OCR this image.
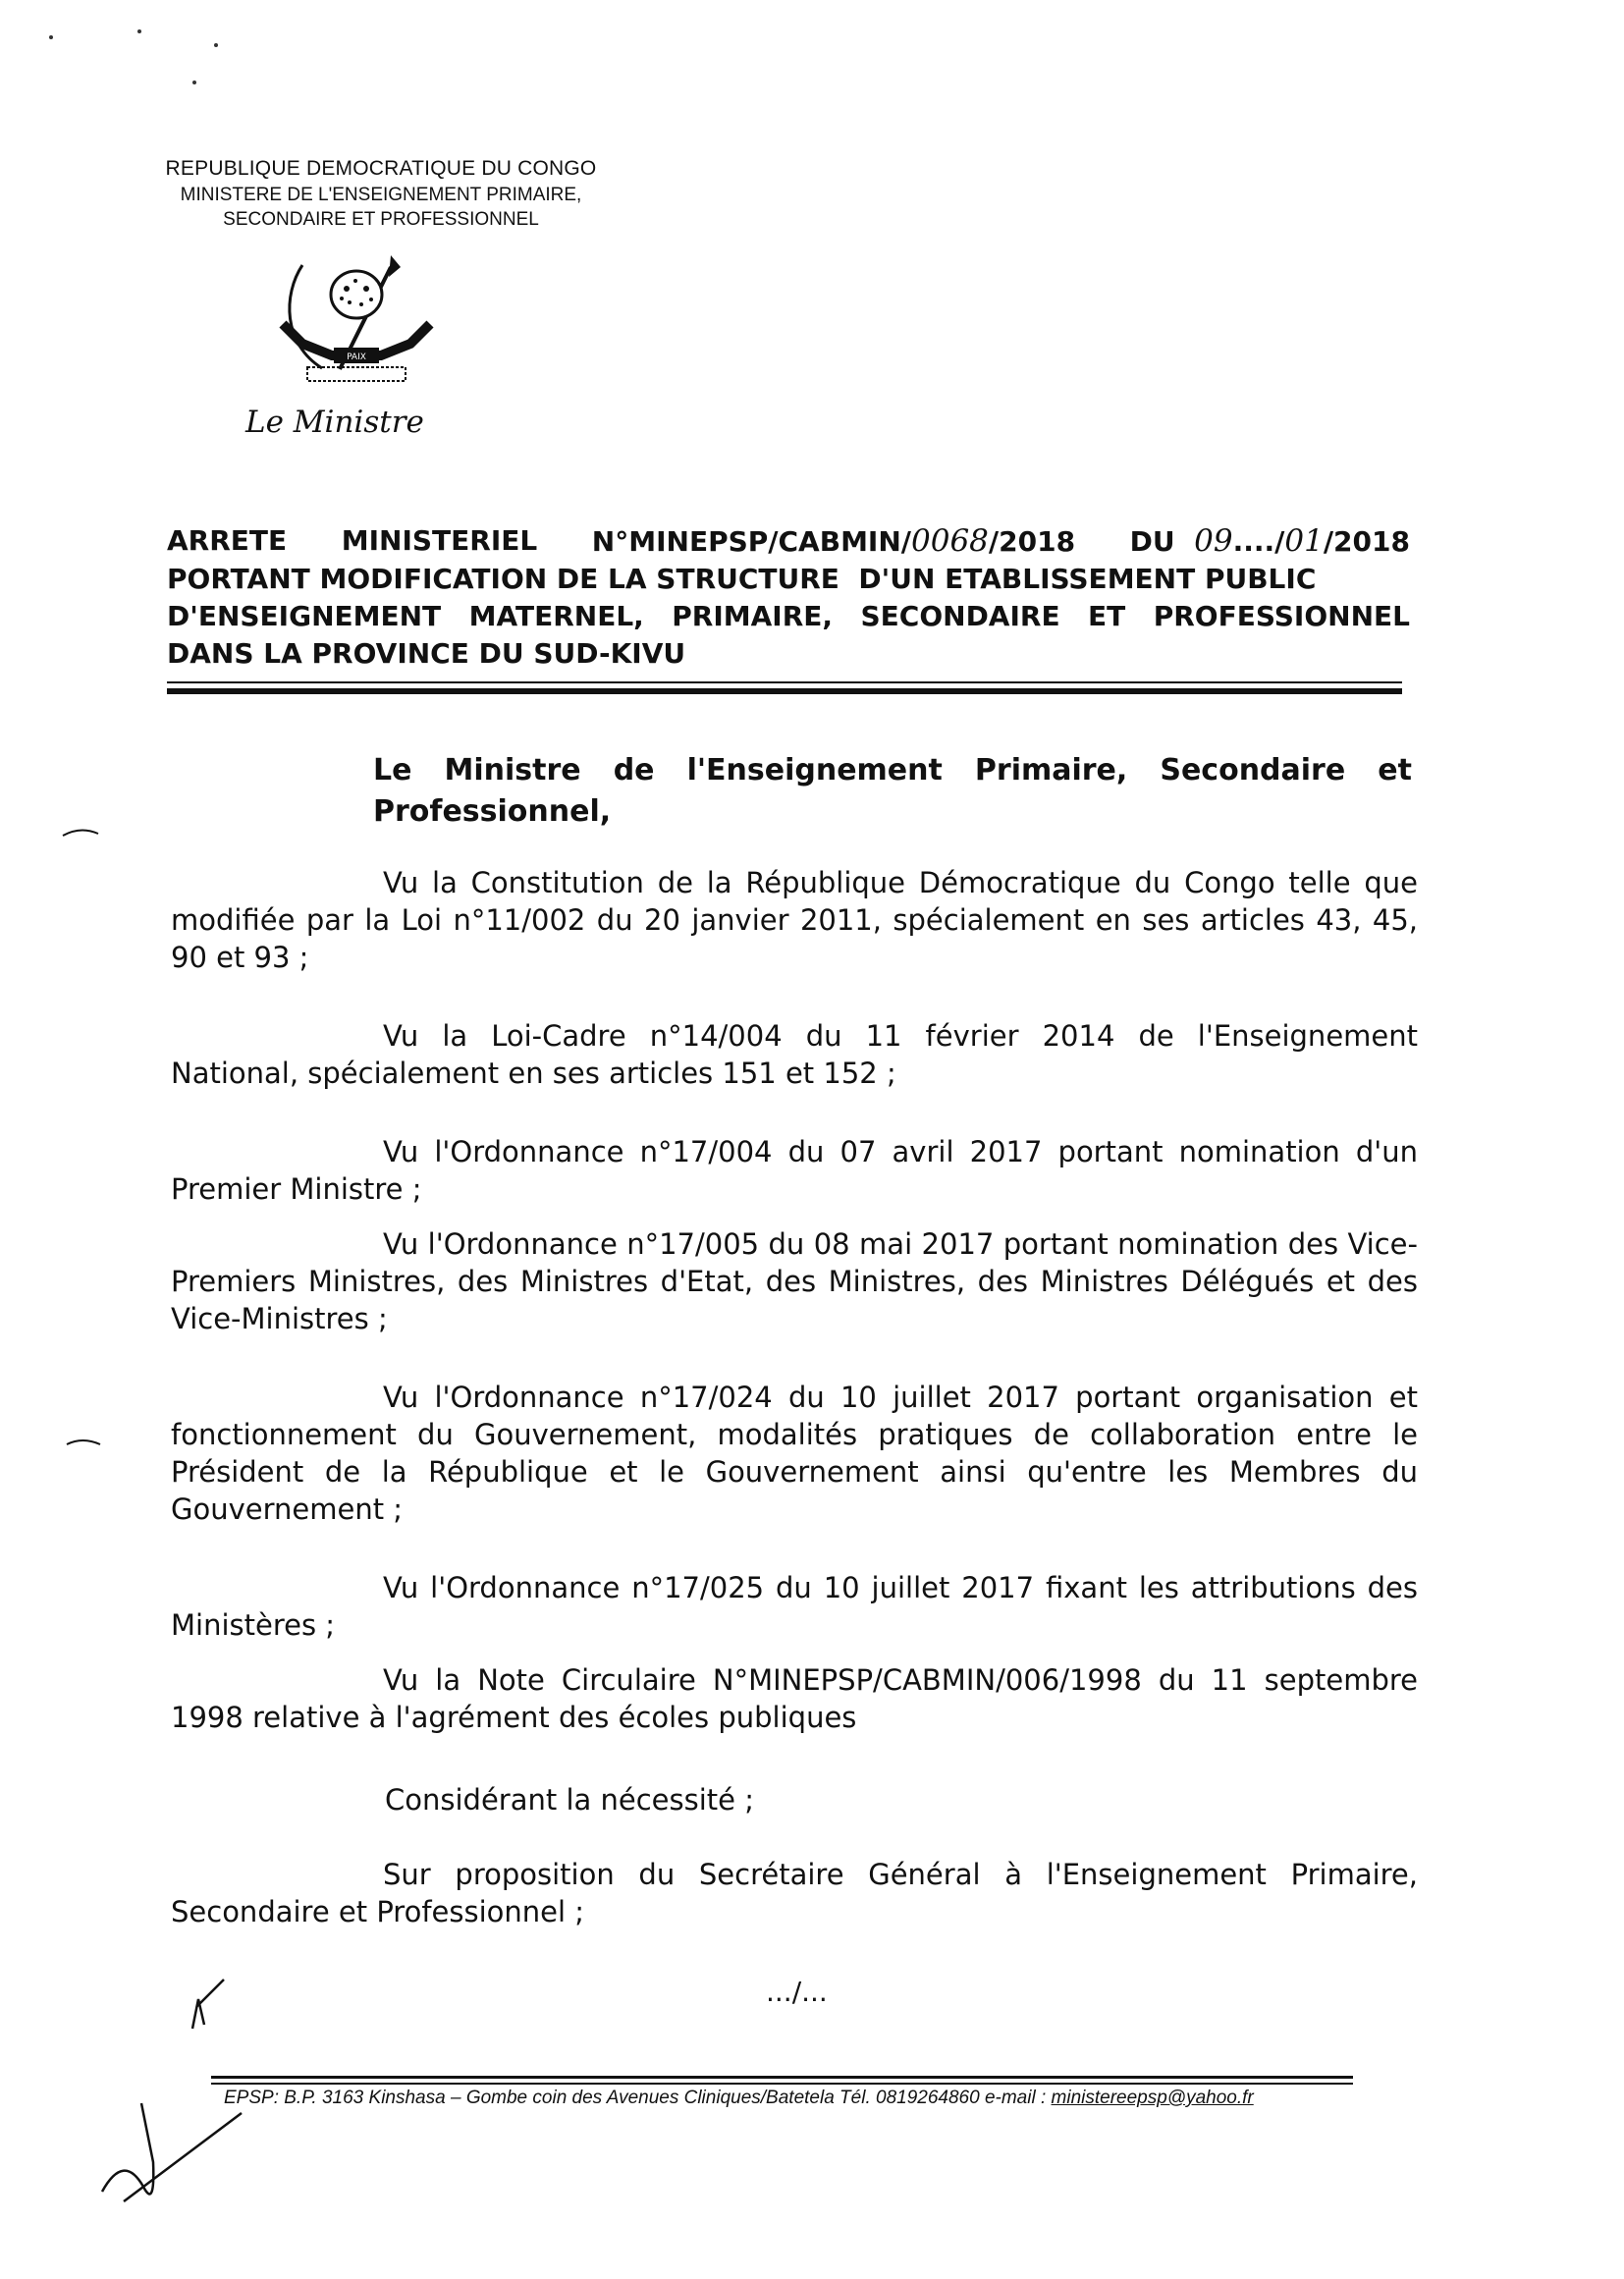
REPUBLIQUE DEMOCRATIQUE DU CONGO
MINISTERE DE L'ENSEIGNEMENT PRIMAIRE,
SECONDAIRE ET PROFESSIONNEL
PAIX
Le Ministre
ARRETE MINISTERIEL N°MINEPSP/CABMIN/0068/2018 DU 09..../01/2018
PORTANT MODIFICATION DE LA STRUCTURE  D'UN ETABLISSEMENT PUBLIC
D'ENSEIGNEMENT MATERNEL, PRIMAIRE, SECONDAIRE ET PROFESSIONNEL
DANS LA PROVINCE DU SUD-KIVU
Le Ministre de l'Enseignement Primaire, Secondaire et
Professionnel,

Vu la Constitution de la République Démocratique du Congo telle que modifiée par la Loi n°11/002 du 20 janvier 2011, spécialement en ses articles 43, 45, 90 et 93 ;

Vu la Loi-Cadre n°14/004 du 11 février 2014 de l'Enseignement National, spécialement en ses articles 151 et 152 ;

Vu l'Ordonnance n°17/004 du 07 avril 2017 portant nomination d'un Premier Ministre ;

Vu l'Ordonnance n°17/005 du 08 mai 2017 portant nomination des Vice-Premiers Ministres, des Ministres d'Etat, des Ministres, des Ministres Délégués et des Vice-Ministres ;

Vu l'Ordonnance n°17/024 du 10 juillet 2017 portant organisation et fonctionnement du Gouvernement, modalités pratiques de collaboration entre le Président de la République et le Gouvernement ainsi qu'entre les Membres du Gouvernement ;

Vu l'Ordonnance n°17/025 du 10 juillet 2017 fixant les attributions des Ministères ;

Vu la Note Circulaire N°MINEPSP/CABMIN/006/1998 du 11 septembre 1998 relative à l'agrément des écoles publiques

Considérant la nécessité ;

Sur proposition du Secrétaire Général à l'Enseignement Primaire, Secondaire et Professionnel ;

.../...
EPSP: B.P. 3163 Kinshasa – Gombe coin des Avenues Cliniques/Batetela Tél. 0819264860 e-mail : ministereepsp@yahoo.fr
